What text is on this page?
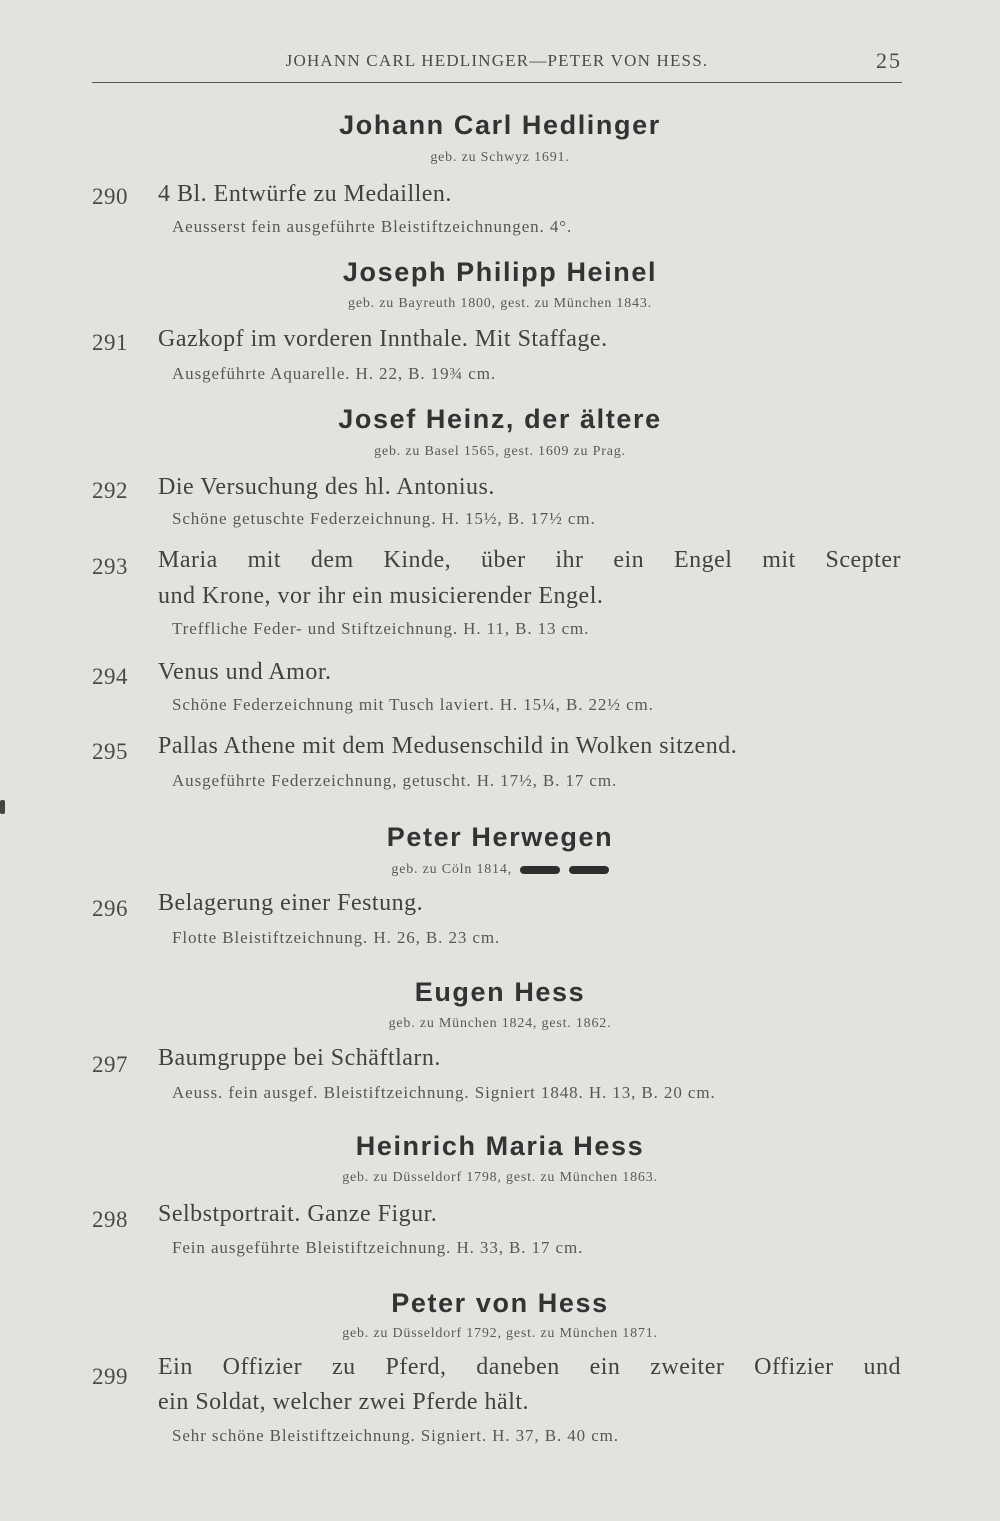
JOHANN CARL HEDLINGER—PETER VON HESS.	25
Johann Carl Hedlinger
geb. zu Schwyz 1691.
290 4 Bl. Entwürfe zu Medaillen.
Aeusserst fein ausgeführte Bleistiftzeichnungen. 4°.
Joseph Philipp Heinel
geb. zu Bayreuth 1800, gest. zu München 1843.
291 Gazkopf im vorderen Innthale. Mit Staffage.
Ausgeführte Aquarelle. H. 22, B. 19¾ cm.
Josef Heinz, der ältere
geb. zu Basel 1565, gest. 1609 zu Prag.
292 Die Versuchung des hl. Antonius.
Schöne getuschte Federzeichnung. H. 15½, B. 17½ cm.
293 Maria mit dem Kinde, über ihr ein Engel mit Scepter
und Krone, vor ihr ein musicierender Engel.
Treffliche Feder- und Stiftzeichnung. H. 11, B. 13 cm.
294 Venus und Amor.
Schöne Federzeichnung mit Tusch laviert. H. 15¼, B. 22½ cm.
295 Pallas Athene mit dem Medusenschild in Wolken sitzend.
Ausgeführte Federzeichnung, getuscht. H. 17½, B. 17 cm.
Peter Herwegen
geb. zu Cöln 1814,
296 Belagerung einer Festung.
Flotte Bleistiftzeichnung. H. 26, B. 23 cm.
Eugen Hess
geb. zu München 1824, gest. 1862.
297 Baumgruppe bei Schäftlarn.
Aeuss. fein ausgef. Bleistiftzeichnung. Signiert 1848. H. 13, B. 20 cm.
Heinrich Maria Hess
geb. zu Düsseldorf 1798, gest. zu München 1863.
298 Selbstportrait. Ganze Figur.
Fein ausgeführte Bleistiftzeichnung. H. 33, B. 17 cm.
Peter von Hess
geb. zu Düsseldorf 1792, gest. zu München 1871.
299 Ein Offizier zu Pferd, daneben ein zweiter Offizier und
ein Soldat, welcher zwei Pferde hält.
Sehr schöne Bleistiftzeichnung. Signiert. H. 37, B. 40 cm.
